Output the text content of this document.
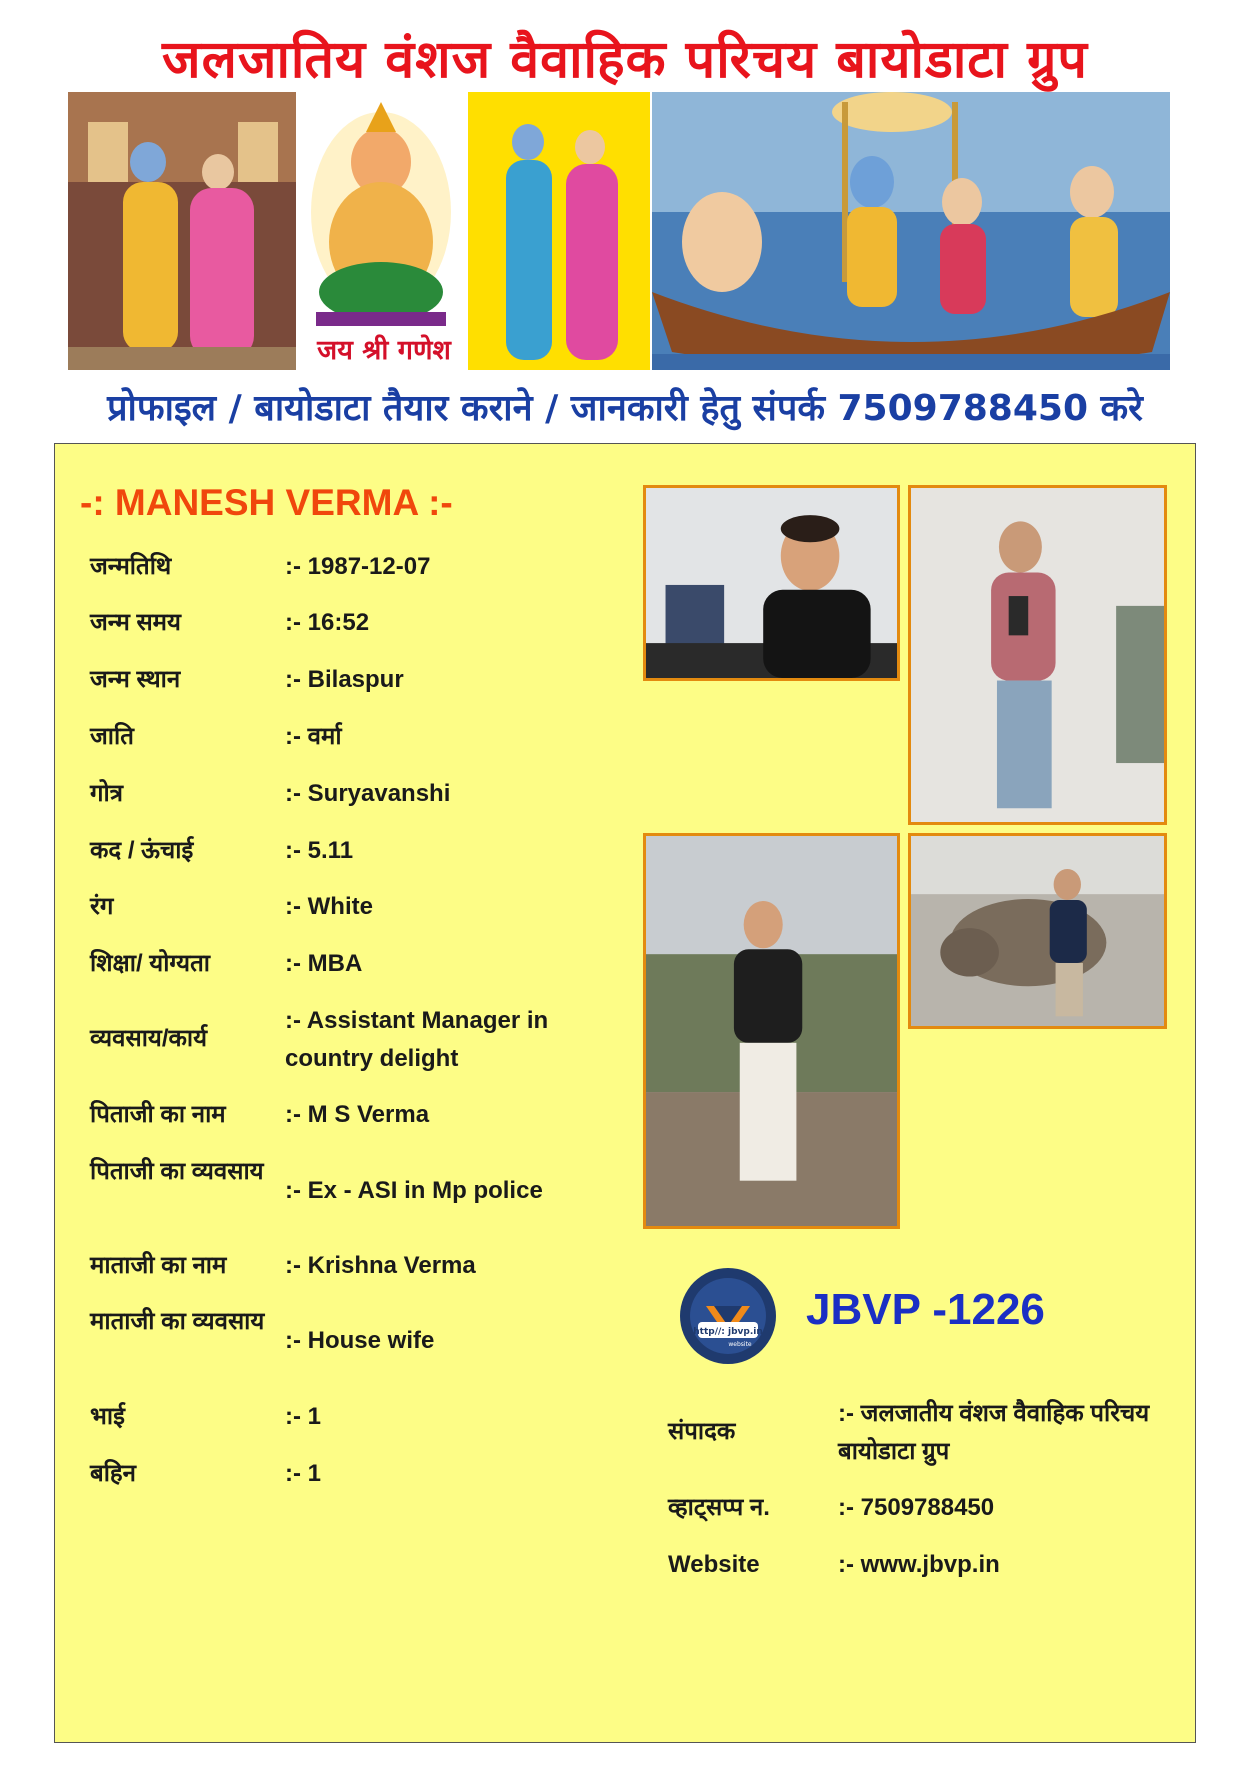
जलजातिय वंशज वैवाहिक परिचय बायोडाटा ग्रुप
जय श्री गणेश
प्रोफाइल / बायोडाटा तैयार कराने / जानकारी हेतु संपर्क 7509788450 करे
-: MANESH VERMA :-
जन्मतिथि	:- 1987-12-07
जन्म समय	:- 16:52
जन्म स्थान	:- Bilaspur
जाति	:- वर्मा
गोत्र	:- Suryavanshi
कद / ऊंचाई	:- 5.11
रंग	:- White
शिक्षा/ योग्यता	:- MBA
व्यवसाय/कार्य
:- Assistant Manager in country delight
पिताजी का नाम	:- M S Verma
पिताजी का व्यवसाय
:- Ex - ASI in Mp police
माताजी का नाम	:- Krishna Verma
माताजी का व्यवसाय
:- House wife
भाई	:- 1
बहिन	:- 1
http//: jbvp.in
website
JBVP -1226
संपादक
:- जलजातीय वंशज वैवाहिक परिचय बायोडाटा ग्रुप
व्हाट्सप्प न.	:- 7509788450
Website	:- www.jbvp.in
